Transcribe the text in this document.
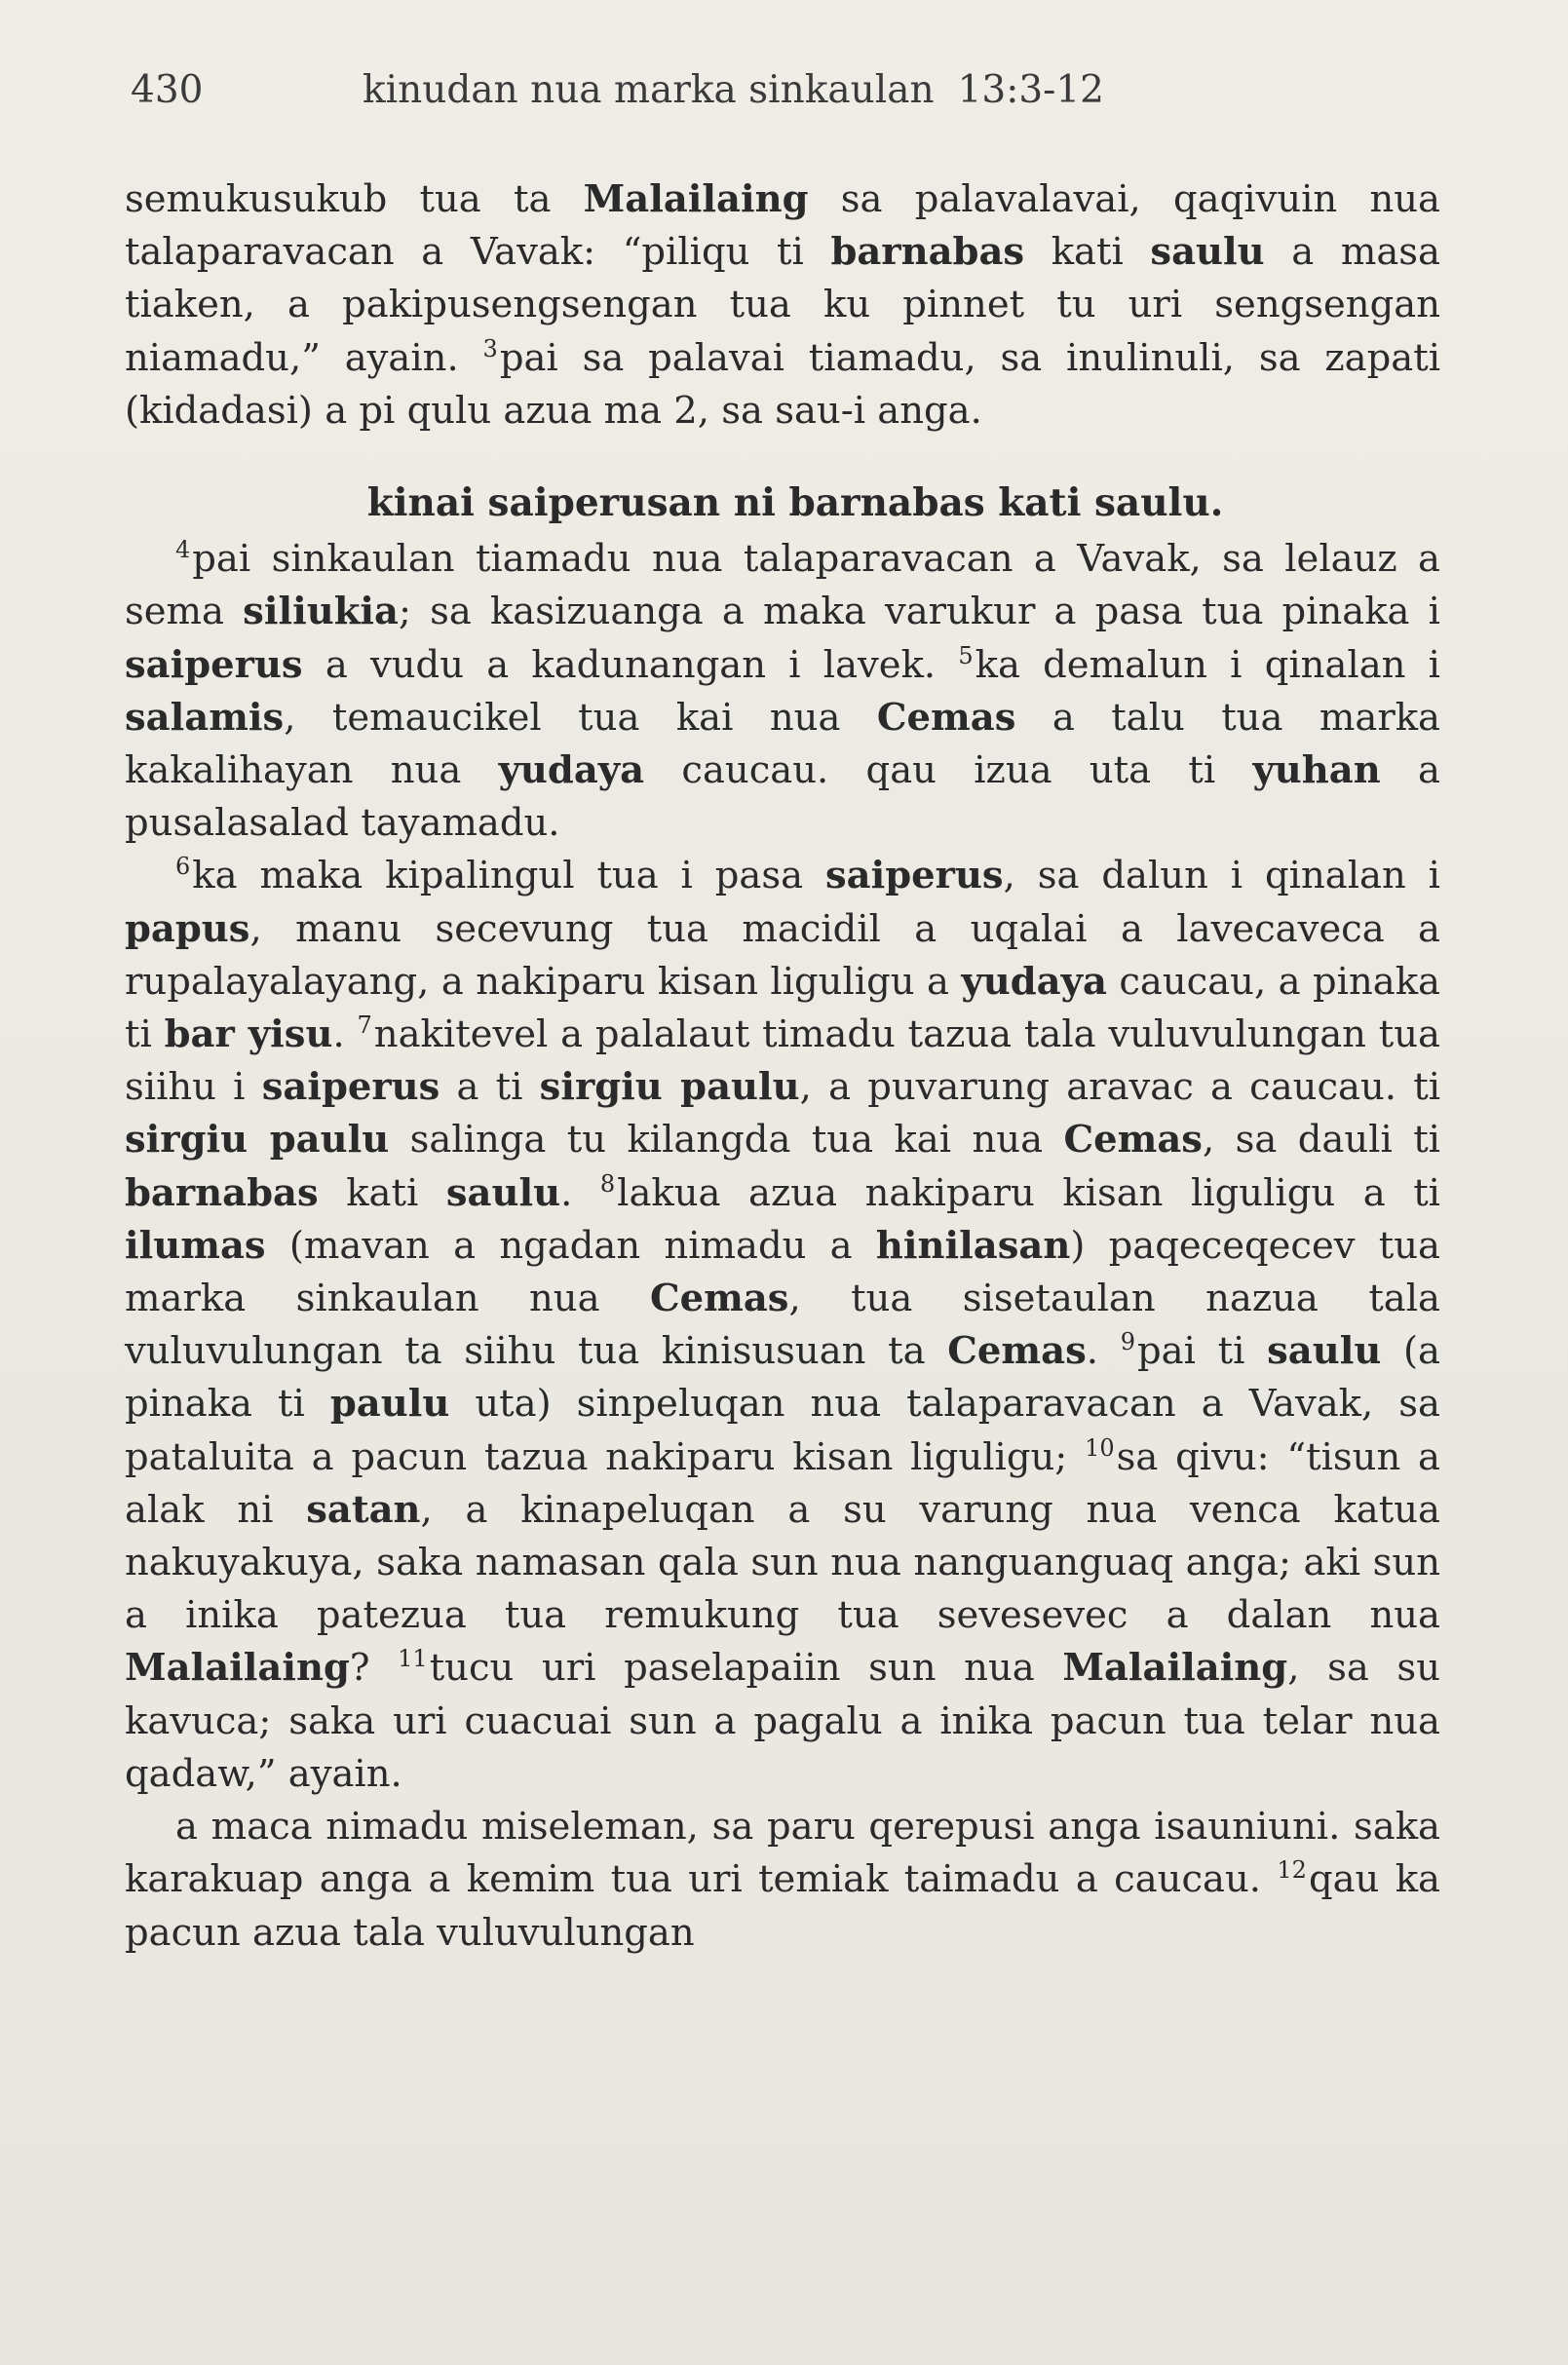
430	kinudan nua marka sinkaulan 13:3-12

semukusukub tua ta Malailaing sa palavalavai, qaqivuin nua talaparavacan a Vavak: “piliqu ti barnabas kati saulu a masa tiaken, a pakipusengsengan tua ku pinnet tu uri sengsengan niamadu,” ayain. $^3$pai sa palavai tiamadu, sa inulinuli, sa zapati (kidadasi) a pi qulu azua ma 2, sa sau-i anga.

kinai saiperusan ni barnabas kati saulu.

$^4$pai sinkaulan tiamadu nua talaparavacan a Vavak, sa lelauz a sema siliukia; sa kasizuanga a maka varukur a pasa tua pinaka i saiperus a vudu a kadunangan i lavek. $^5$ka demalun i qinalan i salamis, temaucikel tua kai nua Cemas a talu tua marka kakalihayan nua yudaya caucau. qau izua uta ti yuhan a pusalasalad tayamadu.

$^6$ka maka kipalingul tua i pasa saiperus, sa dalun i qinalan i papus, manu secevung tua macidil a uqalai a lavecaveca a rupalayalayang, a nakiparu kisan liguligu a yudaya caucau, a pinaka ti bar yisu. $^7$nakitevel a palalaut timadu tazua tala vuluvulungan tua siihu i saiperus a ti sirgiu paulu, a puvarung aravac a caucau. ti sirgiu paulu salinga tu kilangda tua kai nua Cemas, sa dauli ti barnabas kati saulu. $^8$lakua azua nakiparu kisan liguligu a ti ilumas (mavan a ngadan nimadu a hinilasan) paqeceqecev tua marka sinkaulan nua Cemas, tua sisetaulan nazua tala vuluvulungan ta siihu tua kinisusuan ta Cemas. $^9$pai ti saulu (a pinaka ti paulu uta) sinpeluqan nua talaparavacan a Vavak, sa pataluita a pacun tazua nakiparu kisan liguligu; $^{10}$sa qivu: “tisun a alak ni satan, a kinapeluqan a su varung nua venca katua nakuyakuya, saka namasan qala sun nua nanguanguaq anga; aki sun a inika patezua tua remukung tua sevesevec a dalan nua Malailaing? $^{11}$tucu uri paselapaiin sun nua Malailaing, sa su kavuca; saka uri cuacuai sun a pagalu a inika pacun tua telar nua qadaw,” ayain.

a maca nimadu miseleman, sa paru qerepusi anga isauniuni. saka karakuap anga a kemim tua uri temiak taimadu a caucau. $^{12}$qau ka pacun azua tala vuluvulungan
